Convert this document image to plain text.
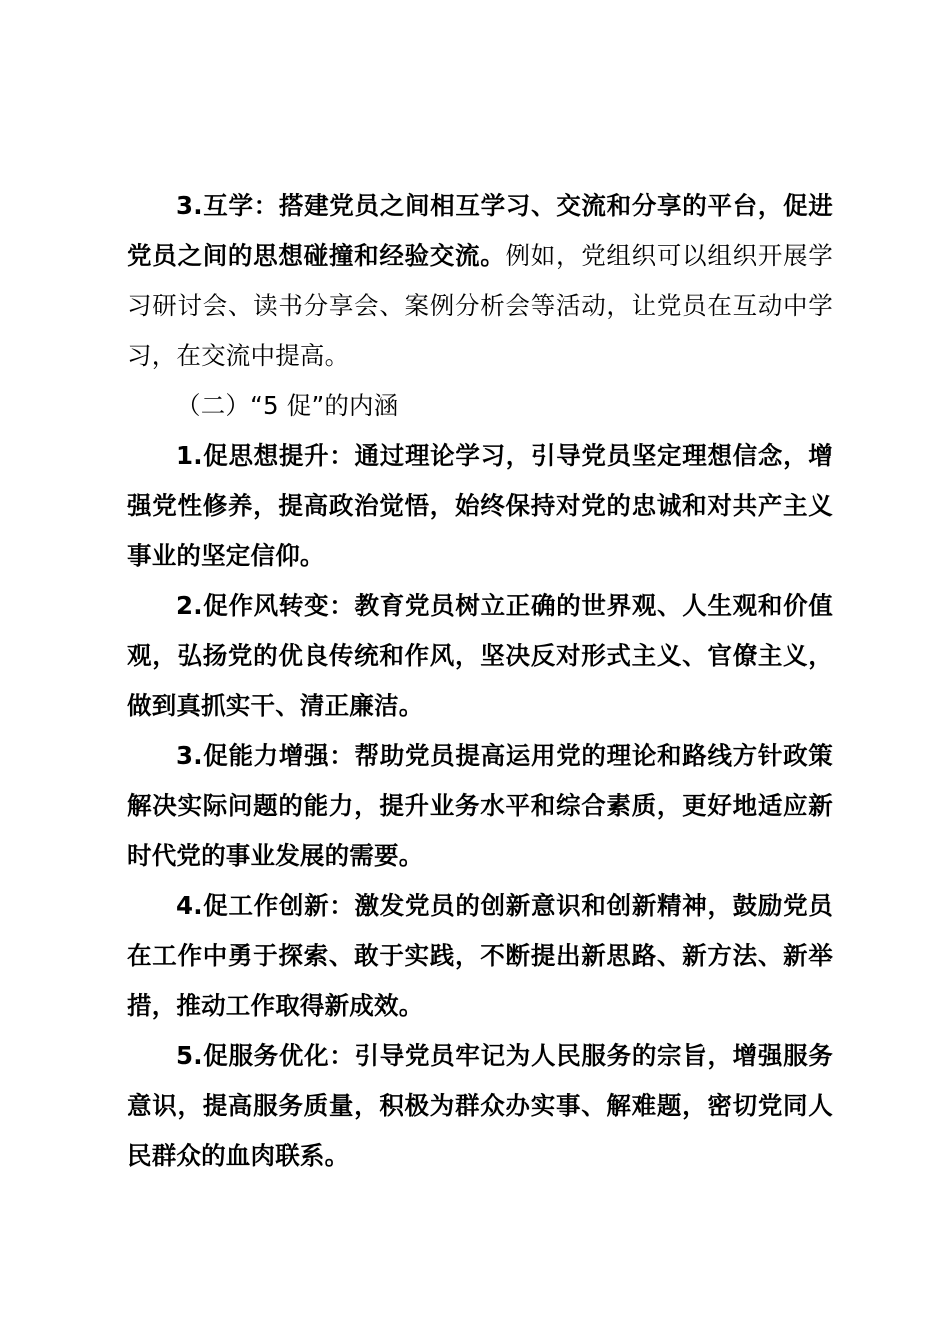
3.互学：搭建党员之间相互学习、交流和分享的平台，促进党员之间的思想碰撞和经验交流。例如，党组织可以组织开展学习研讨会、读书分享会、案例分析会等活动，让党员在互动中学习，在交流中提高。

（二）“5 促”的内涵

1.促思想提升：通过理论学习，引导党员坚定理想信念，增强党性修养，提高政治觉悟，始终保持对党的忠诚和对共产主义事业的坚定信仰。

2.促作风转变：教育党员树立正确的世界观、人生观和价值观，弘扬党的优良传统和作风，坚决反对形式主义、官僚主义，做到真抓实干、清正廉洁。

3.促能力增强：帮助党员提高运用党的理论和路线方针政策解决实际问题的能力，提升业务水平和综合素质，更好地适应新时代党的事业发展的需要。

4.促工作创新：激发党员的创新意识和创新精神，鼓励党员在工作中勇于探索、敢于实践，不断提出新思路、新方法、新举措，推动工作取得新成效。

5.促服务优化：引导党员牢记为人民服务的宗旨，增强服务意识，提高服务质量，积极为群众办实事、解难题，密切党同人民群众的血肉联系。
